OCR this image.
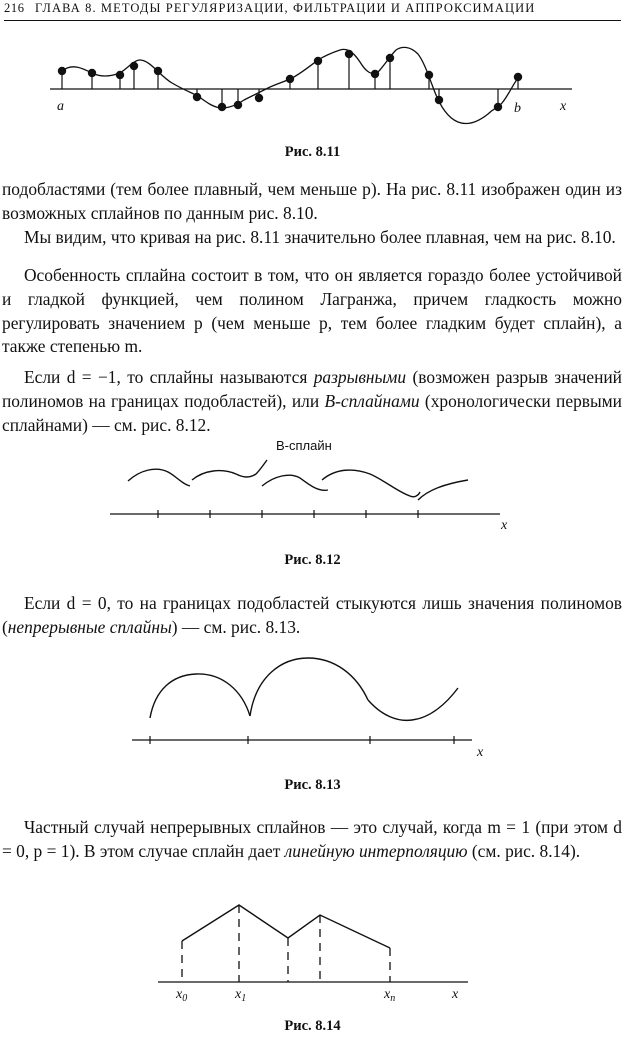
216 ГЛАВА 8. МЕТОДЫ РЕГУЛЯРИЗАЦИИ, ФИЛЬТРАЦИИ И АППРОКСИМАЦИИ
a	b	x
Рис. 8.11

подобластями (тем более плавный, чем меньше p). На рис. 8.11 изображен один из возможных сплайнов по данным рис. 8.10.

Мы видим, что кривая на рис. 8.11 значительно более плавная, чем на рис. 8.10.

Особенность сплайна состоит в том, что он является гораздо более устойчивой и гладкой функцией, чем полином Лагранжа, причем гладкость можно регулировать значением p (чем меньше p, тем более гладким будет сплайн), а также степенью m.

Если d = −1, то сплайны называются разрывными (возможен разрыв значений полиномов на границах подобластей), или B-сплайнами (хронологически первыми сплайнами) — см. рис. 8.12.

B-сплайн
x
Рис. 8.12

Если d = 0, то на границах подобластей стыкуются лишь значения полиномов (непрерывные сплайны) — см. рис. 8.13.

x
Рис. 8.13

Частный случай непрерывных сплайнов — это случай, когда m = 1 (при этом d = 0, p = 1). В этом случае сплайн дает линейную интерполяцию (см. рис. 8.14).

$x_0$	$x_1$	$x_n$	x
Рис. 8.14
